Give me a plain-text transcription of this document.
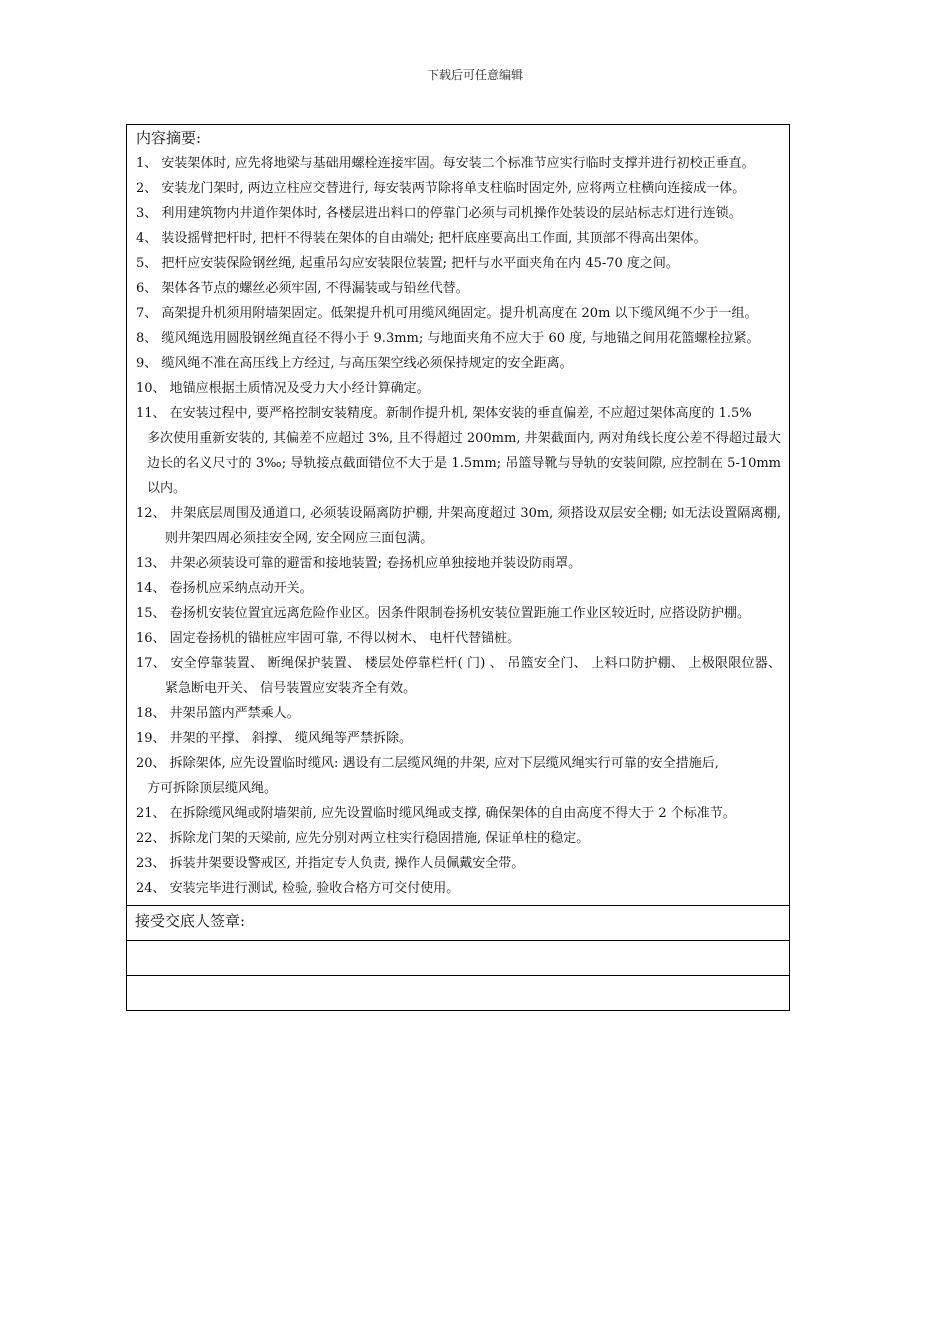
下载后可任意编辑
内容摘要:
1、 安装架体时, 应先将地梁与基础用螺栓连接牢固。每安装二个标准节应实行临时支撑并进行初校正垂直。
2、 安装龙门架时, 两边立柱应交替进行, 每安装两节除将单支柱临时固定外, 应将两立柱横向连接成一体。
3、 利用建筑物内井道作架体时, 各楼层进出料口的停靠门必须与司机操作处装设的层站标志灯进行连锁。
4、 装设摇臂把杆时, 把杆不得装在架体的自由端处; 把杆底座要高出工作面, 其顶部不得高出架体。
5、 把杆应安装保险钢丝绳, 起重吊勾应安装限位装置; 把杆与水平面夹角在内 45-70 度之间。
6、 架体各节点的螺丝必须牢固, 不得漏装或与铅丝代替。
7、 高架提升机须用附墙架固定。低架提升机可用缆风绳固定。提升机高度在 20m 以下缆风绳不少于一组。
8、 缆风绳选用圆股钢丝绳直径不得小于 9.3mm; 与地面夹角不应大于 60 度, 与地锚之间用花篮螺栓拉紧。
9、 缆风绳不准在高压线上方经过, 与高压架空线必须保持规定的安全距离。
10、 地锚应根据土质情况及受力大小经计算确定。
11、 在安装过程中, 要严格控制安装精度。新制作提升机, 架体安装的垂直偏差, 不应超过架体高度的 1.5%
多次使用重新安装的, 其偏差不应超过 3%, 且不得超过 200mm, 井架截面内, 两对角线长度公差不得超过最大边长的名义尺寸的 3‰; 导轨接点截面错位不大于是 1.5mm; 吊篮导靴与导轨的安装间隙, 应控制在 5-10mm 以内。
12、 井架底层周围及通道口, 必须装设隔离防护棚, 井架高度超过 30m, 须搭设双层安全棚; 如无法设置隔离棚, 则井架四周必须挂安全网, 安全网应三面包满。
13、 井架必须装设可靠的避雷和接地装置; 卷扬机应单独接地并装设防雨罩。
14、 卷扬机应采纳点动开关。
15、 卷扬机安装位置宜远离危险作业区。因条件限制卷扬机安装位置距施工作业区较近时, 应搭设防护棚。
16、 固定卷扬机的锚桩应牢固可靠, 不得以树木、 电杆代替锚桩。
17、 安全停靠装置、 断绳保护装置、 楼层处停靠栏杆( 门) 、 吊篮安全门、 上料口防护棚、 上极限限位器、 紧急断电开关、 信号装置应安装齐全有效。
18、 井架吊篮内严禁乘人。
19、 井架的平撑、 斜撑、 缆风绳等严禁拆除。
20、 拆除架体, 应先设置临时缆风: 遇设有二层缆风绳的井架, 应对下层缆风绳实行可靠的安全措施后,
方可拆除顶层缆风绳。
21、 在拆除缆风绳或附墙架前, 应先设置临时缆风绳或支撑, 确保架体的自由高度不得大于 2 个标准节。
22、 拆除龙门架的天梁前, 应先分别对两立柱实行稳固措施, 保证单柱的稳定。
23、 拆装井架要设警戒区, 并指定专人负责, 操作人员佩戴安全带。
24、 安装完毕进行测试, 检验, 验收合格方可交付使用。
接受交底人签章:
